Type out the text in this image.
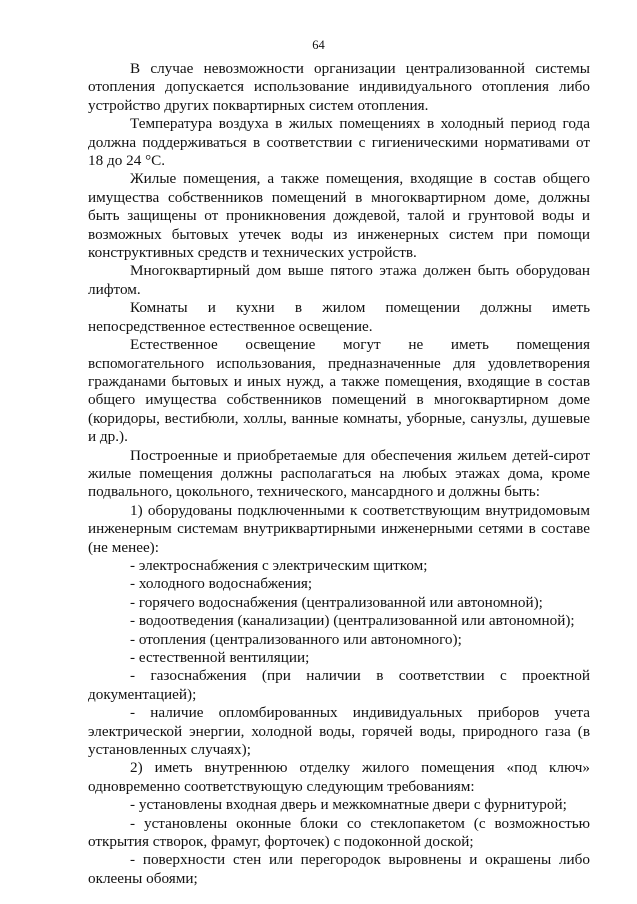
64

В случае невозможности организации централизованной системы отопления допускается использование индивидуального отопления либо устройство других поквартирных систем отопления.

Температура воздуха в жилых помещениях в холодный период года должна поддерживаться в соответствии с гигиеническими нормативами от 18 до 24 °С.

Жилые помещения, а также помещения, входящие в состав общего имущества собственников помещений в многоквартирном доме, должны быть защищены от проникновения дождевой, талой и грунтовой воды и возможных бытовых утечек воды из инженерных систем при помощи конструктивных средств и технических устройств.

Многоквартирный дом выше пятого этажа должен быть оборудован лифтом.

Комнаты и кухни в жилом помещении должны иметь непосредственное естественное освещение.

Естественное освещение могут не иметь помещения вспомогательного использования, предназначенные для удовлетворения гражданами бытовых и иных нужд, а также помещения, входящие в состав общего имущества собственников помещений в многоквартирном доме (коридоры, вестибюли, холлы, ванные комнаты, уборные, санузлы, душевые и др.).

Построенные и приобретаемые для обеспечения жильем детей-сирот жилые помещения должны располагаться на любых этажах дома, кроме подвального, цокольного, технического, мансардного и должны быть:

1) оборудованы подключенными к соответствующим внутридомовым инженерным системам внутриквартирными инженерными сетями в составе (не менее):

- электроснабжения с электрическим щитком;

- холодного водоснабжения;

- горячего водоснабжения (централизованной или автономной);

- водоотведения (канализации) (централизованной или автономной);

- отопления (централизованного или автономного);

- естественной вентиляции;

- газоснабжения (при наличии в соответствии с проектной документацией);

- наличие опломбированных индивидуальных приборов учета электрической энергии, холодной воды, горячей воды, природного газа (в установленных случаях);

2) иметь внутреннюю отделку жилого помещения «под ключ» одновременно соответствующую следующим требованиям:

- установлены входная дверь и межкомнатные двери с фурнитурой;

- установлены оконные блоки со стеклопакетом (с возможностью открытия створок, фрамуг, форточек) с подоконной доской;

- поверхности стен или перегородок выровнены и окрашены либо оклеены обоями;
